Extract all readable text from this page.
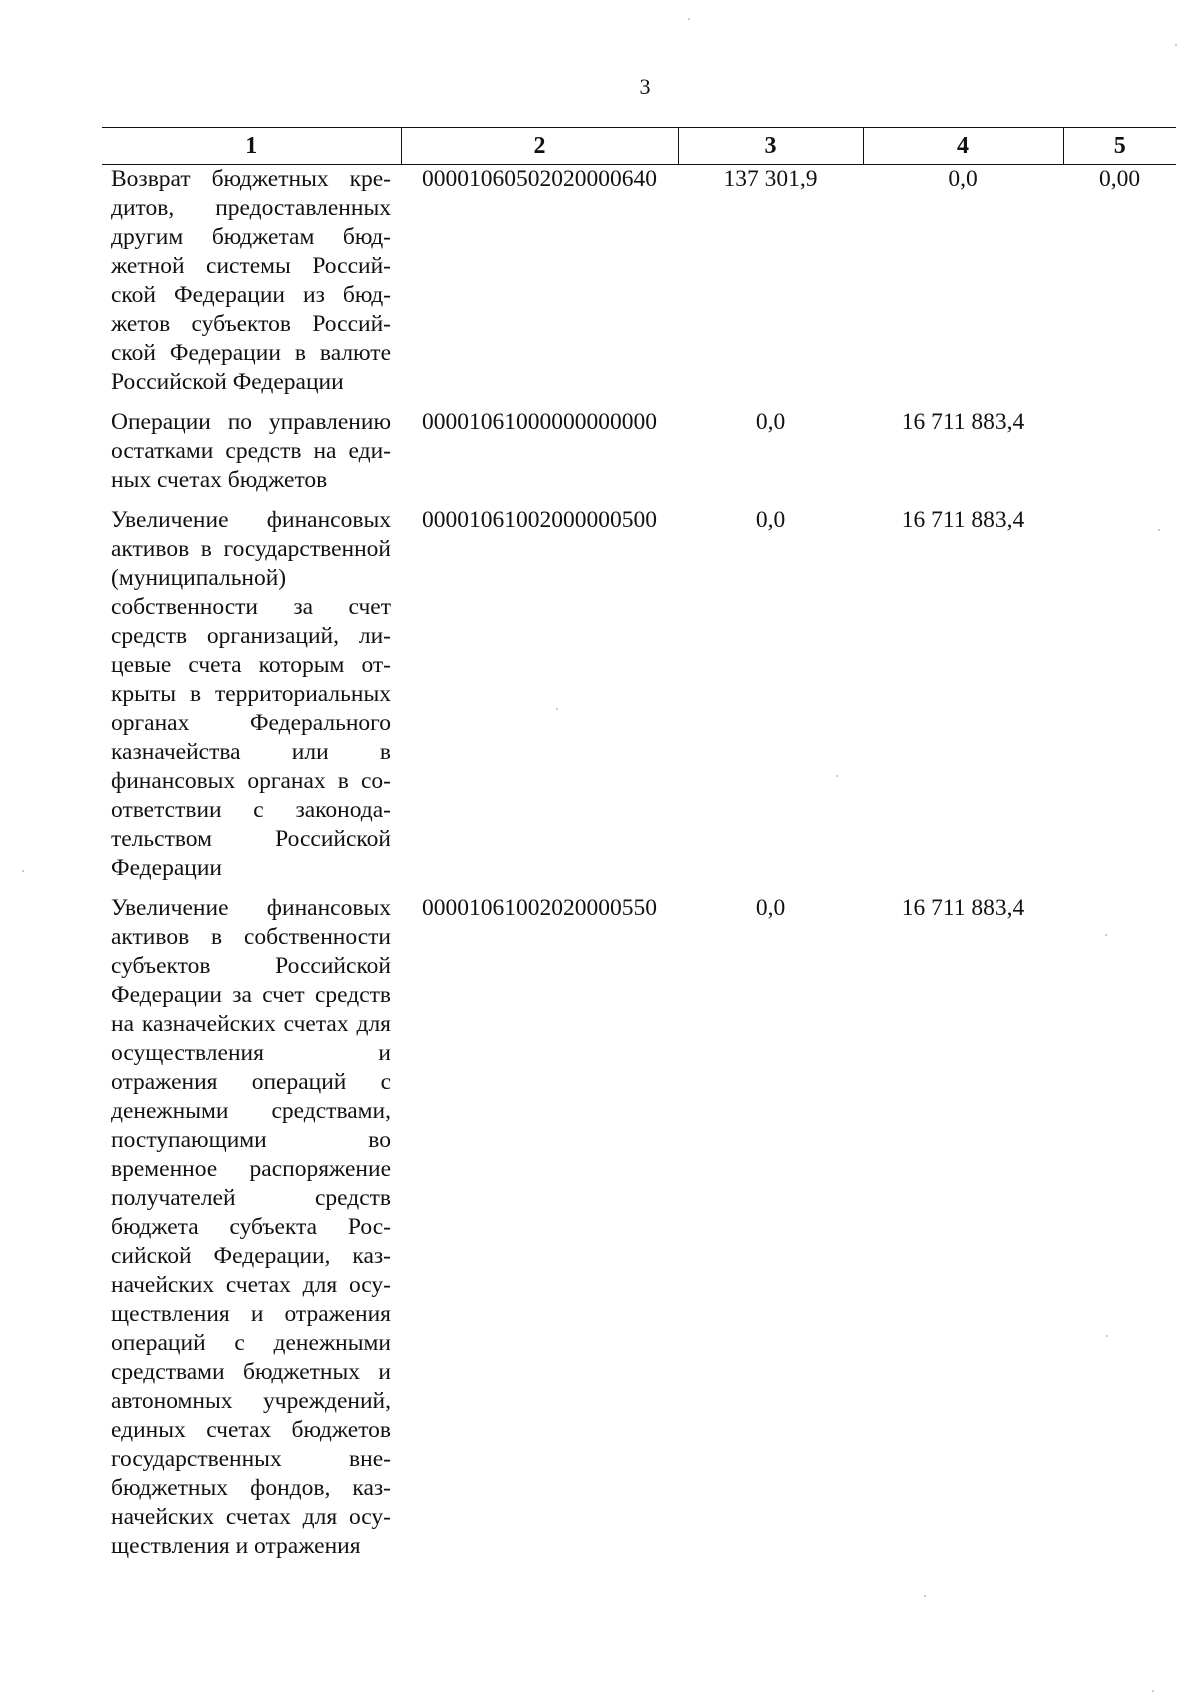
3
1	2	3	4	5
Возврат бюджетных кредитов, предоставленных другим бюджетам бюджетной системы Российской Федерации из бюджетов субъектов Российской Федерации в валюте Российской Федерации	00001060502020000640	137 301,9	0,0	0,00
Операции по управлению остатками средств на единых счетах бюджетов	00001061000000000000	0,0	16 711 883,4	
Увеличение финансовых активов в государственной (муниципальной) собственности за счет средств организаций, лицевые счета которым открыты в территориальных органах Федерального казначейства или в финансовых органах в соответствии с законодательством Российской Федерации	00001061002000000500	0,0	16 711 883,4	
Увеличение финансовых активов в собственности субъектов Российской Федерации за счет средств на казначейских счетах для осуществления и отражения операций с денежными средствами, поступающими во временное распоряжение получателей средств бюджета субъекта Российской Федерации, казначейских счетах для осуществления и отражения операций с денежными средствами бюджетных и автономных учреждений, единых счетах бюджетов государственных внебюджетных фондов, казначейских счетах для осуществления и отражения	00001061002020000550	0,0	16 711 883,4	
